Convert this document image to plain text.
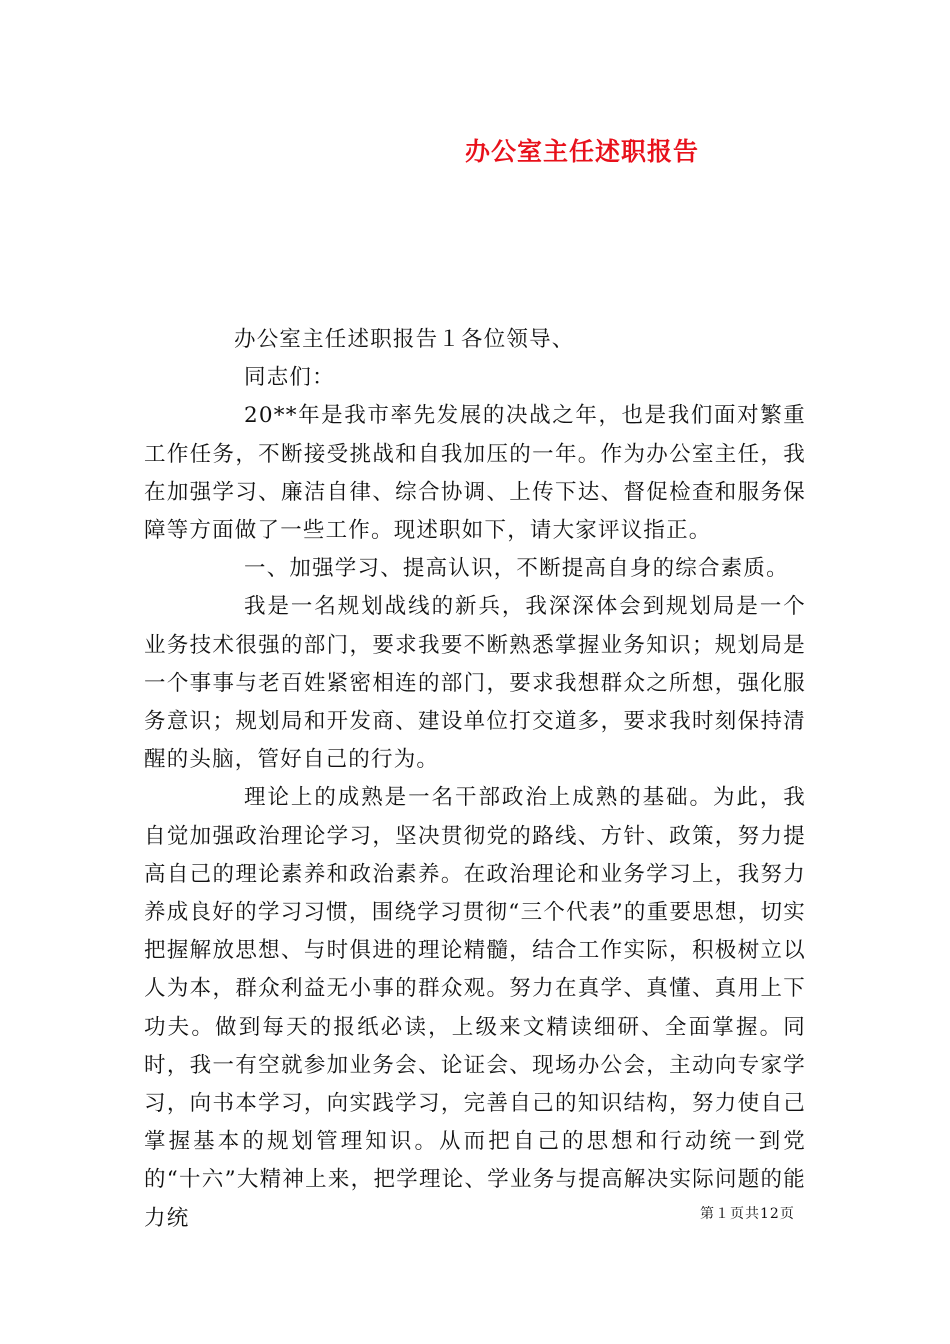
办公室主任述职报告

办公室主任述职报告１各位领导、

同志们：

20**年是我市率先发展的决战之年，也是我们面对繁重工作任务，不断接受挑战和自我加压的一年。作为办公室主任，我在加强学习、廉洁自律、综合协调、上传下达、督促检查和服务保障等方面做了一些工作。现述职如下，请大家评议指正。

一、加强学习、提高认识，不断提高自身的综合素质。

我是一名规划战线的新兵，我深深体会到规划局是一个业务技术很强的部门，要求我要不断熟悉掌握业务知识；规划局是一个事事与老百姓紧密相连的部门，要求我想群众之所想，强化服务意识；规划局和开发商、建设单位打交道多，要求我时刻保持清醒的头脑，管好自己的行为。

理论上的成熟是一名干部政治上成熟的基础。为此，我自觉加强政治理论学习，坚决贯彻党的路线、方针、政策，努力提高自己的理论素养和政治素养。在政治理论和业务学习上，我努力养成良好的学习习惯，围绕学习贯彻“三个代表”的重要思想，切实把握解放思想、与时俱进的理论精髓，结合工作实际，积极树立以人为本，群众利益无小事的群众观。努力在真学、真懂、真用上下功夫。做到每天的报纸必读，上级来文精读细研、全面掌握。同时，我一有空就参加业务会、论证会、现场办公会，主动向专家学习，向书本学习，向实践学习，完善自己的知识结构，努力使自己掌握基本的规划管理知识。从而把自己的思想和行动统一到党的“十六”大精神上来，把学理论、学业务与提高解决实际问题的能力统	第１页共12页
